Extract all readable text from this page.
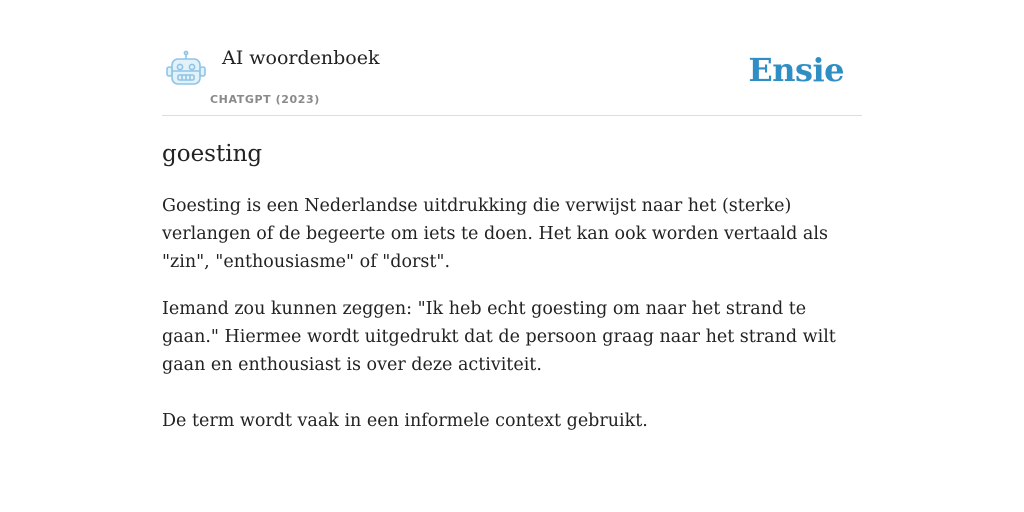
AI woordenboek
CHATGPT (2023)
Ensie
goesting

Goesting is een Nederlandse uitdrukking die verwijst naar het (sterke) verlangen of de begeerte om iets te doen. Het kan ook worden vertaald als "zin", "enthousiasme" of "dorst".

Iemand zou kunnen zeggen: "Ik heb echt goesting om naar het strand te gaan." Hiermee wordt uitgedrukt dat de persoon graag naar het strand wilt gaan en enthousiast is over deze activiteit.

De term wordt vaak in een informele context gebruikt.
